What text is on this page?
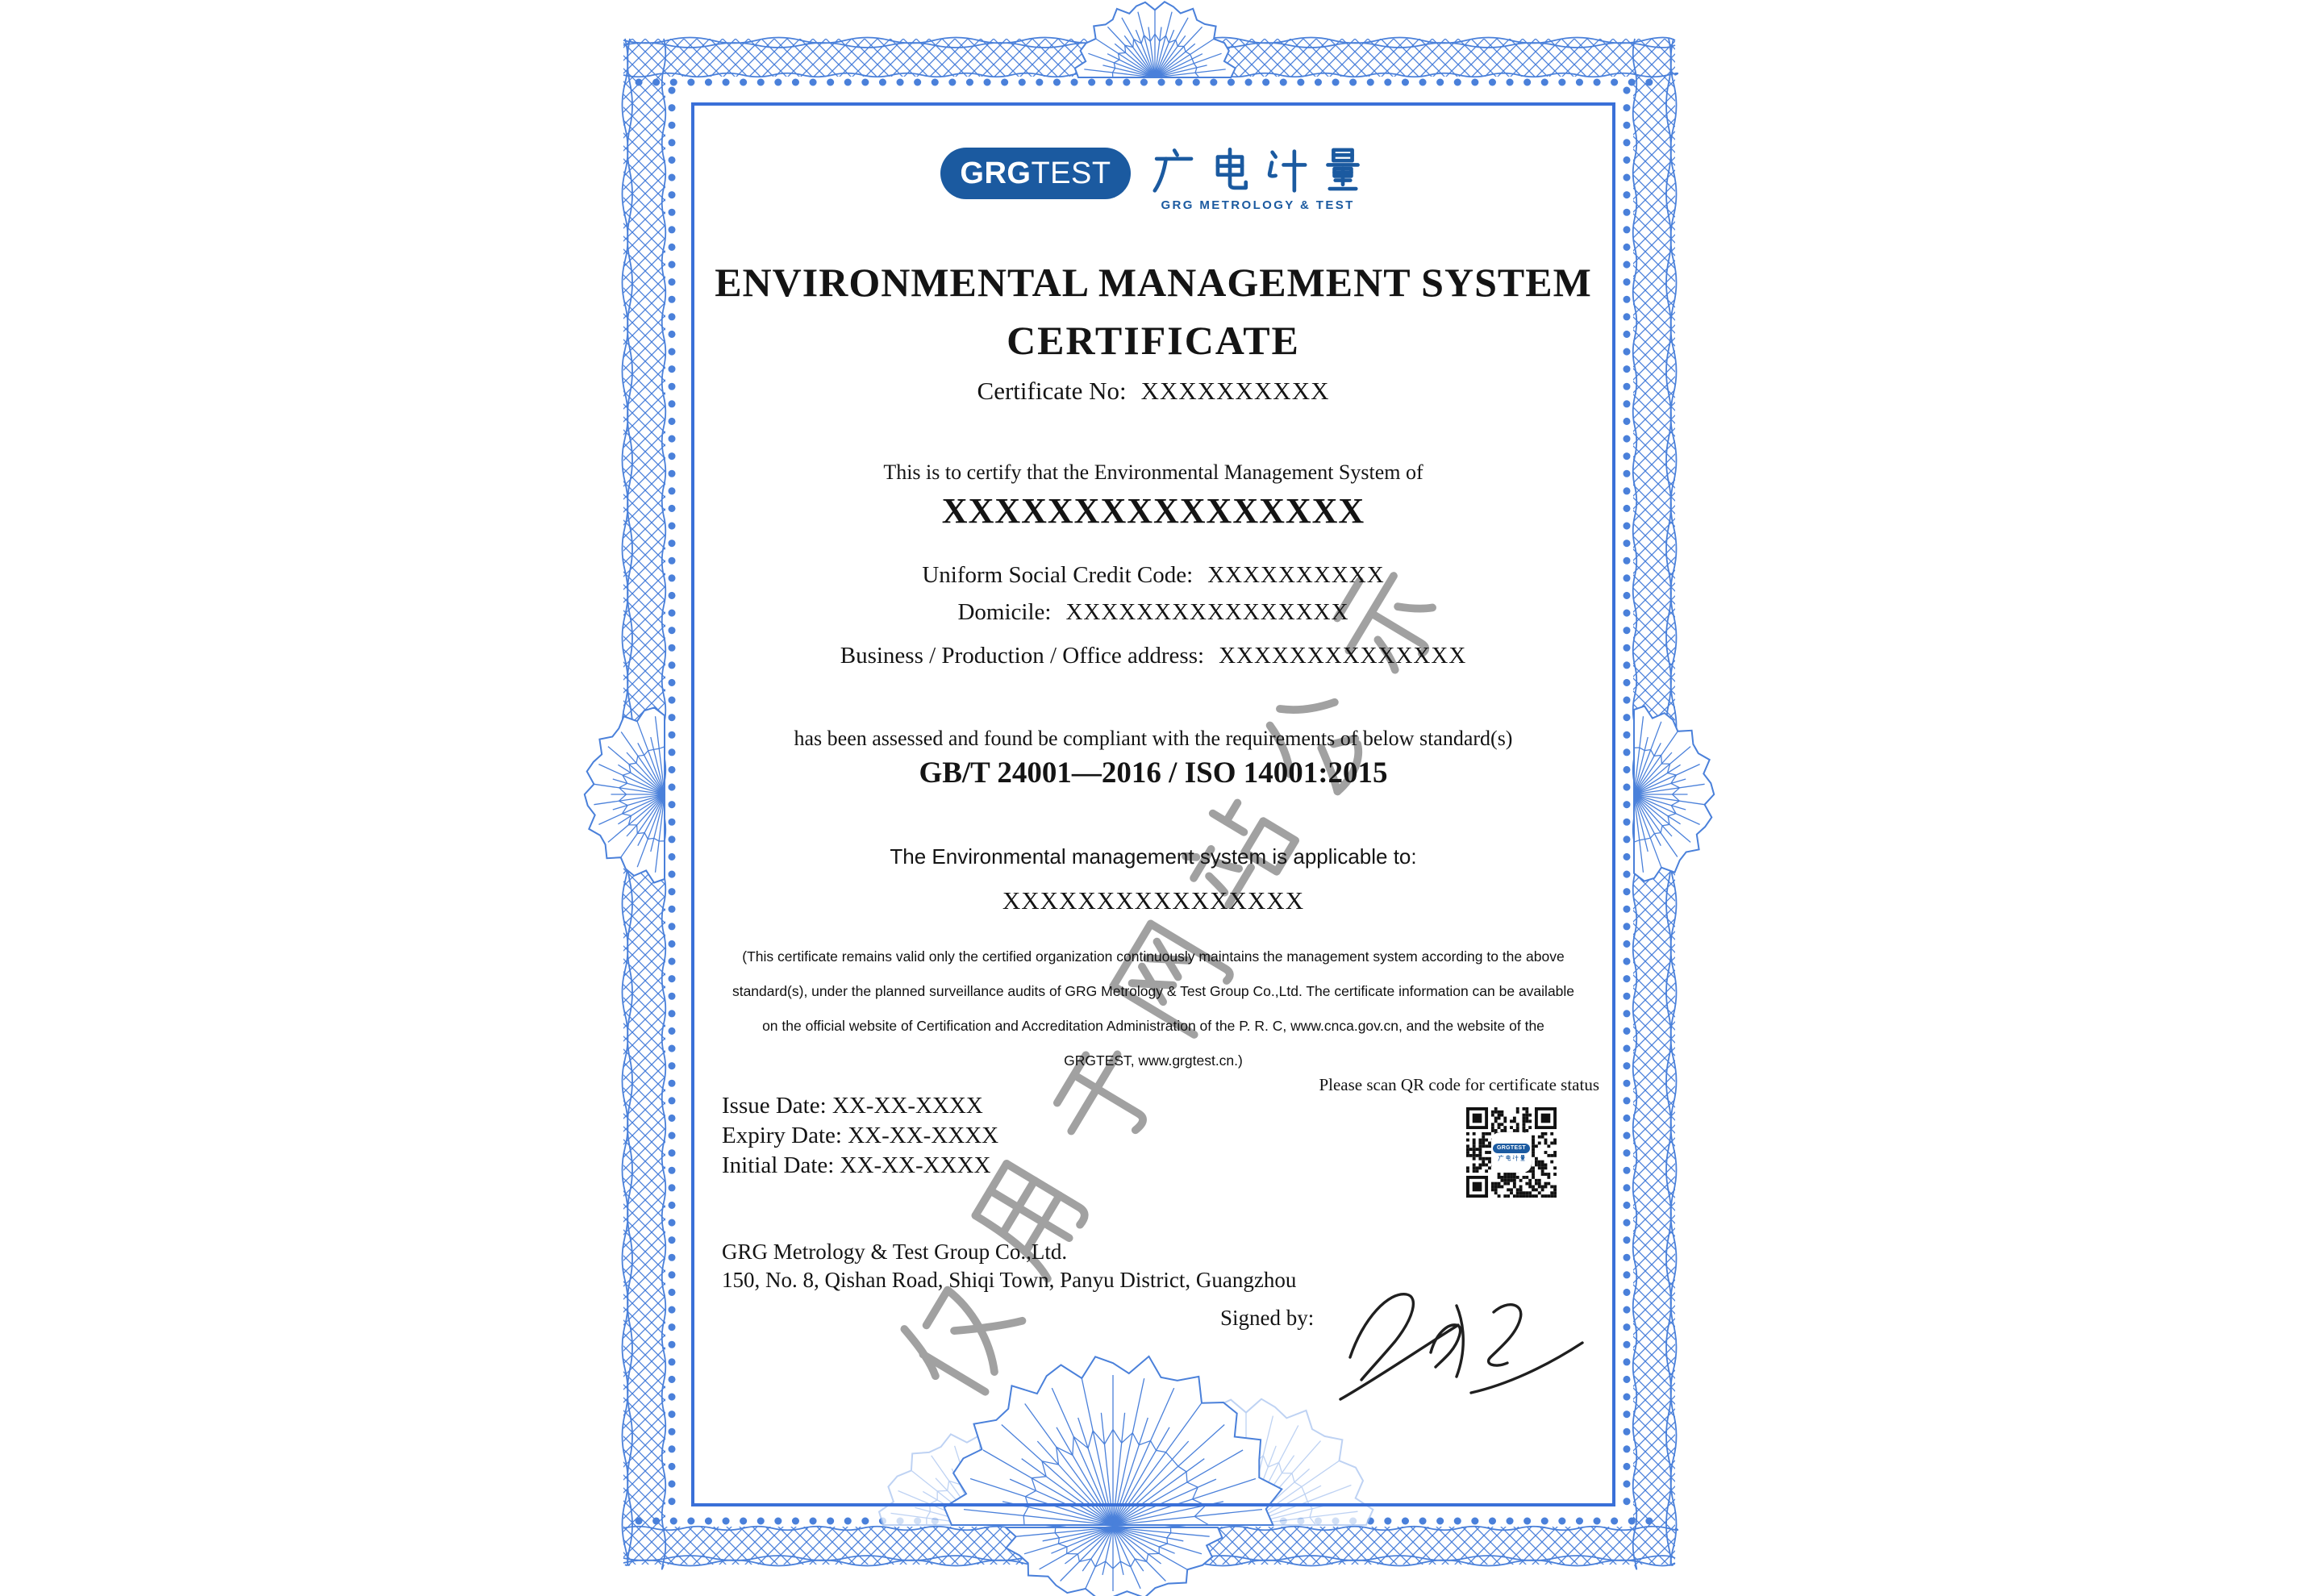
GRG TEST
GRG METROLOGY & TEST
ENVIRONMENTAL MANAGEMENT SYSTEM
CERTIFICATE
Certificate No: XXXXXXXXXX
This is to certify that the Environmental Management System of
XXXXXXXXXXXXXXXX
Uniform Social Credit Code: XXXXXXXXXX
Domicile: XXXXXXXXXXXXXXXX
Business / Production / Office address: XXXXXXXXXXXXXX
has been assessed and found be compliant with the requirements of below standard(s)
GB/T 24001—2016 / ISO 14001:2015
The Environmental management system is applicable to:
XXXXXXXXXXXXXXXX
(This certificate remains valid only the certified organization continuously maintains the management system according to the above
standard(s), under the planned surveillance audits of GRG Metrology & Test Group Co.,Ltd. The certificate information can be available
on the official website of Certification and Accreditation Administration of the P. R. C, www.cnca.gov.cn, and the website of the
GRGTEST, www.grgtest.cn.)
Please scan QR code for certificate status
Issue Date: XX-XX-XXXX
Expiry Date: XX-XX-XXXX
Initial Date: XX-XX-XXXX
GRGTEST
GRG Metrology & Test Group Co.,Ltd.
150, No. 8, Qishan Road, Shiqi Town, Panyu District, Guangzhou
Signed by:
